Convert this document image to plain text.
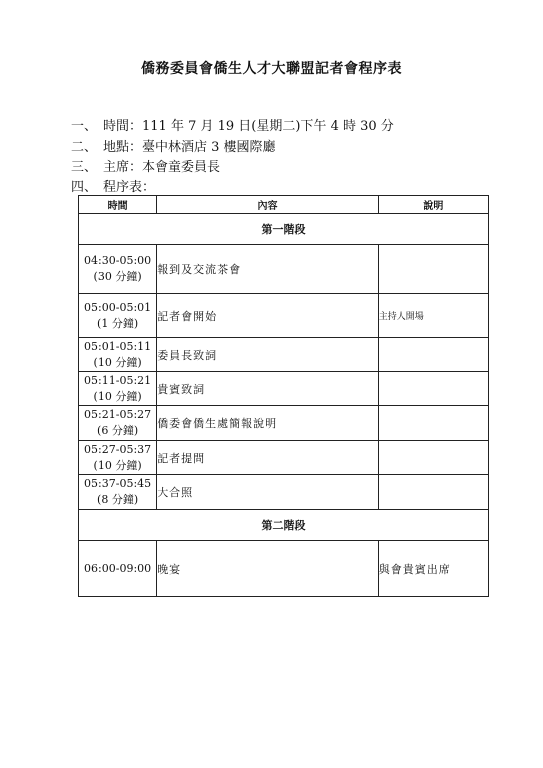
僑務委員會僑生人才大聯盟記者會程序表
一、 時間：111 年 7 月 19 日(星期二)下午 4 時 30 分
二、 地點：臺中林酒店 3 樓國際廳
三、 主席：本會童委員長
四、 程序表：
時間	內容	說明
第一階段		

04:30-05:00
(30 分鐘)	報到及交流茶會	

05:00-05:01
(1 分鐘)	記者會開始	主持人開場

05:01-05:11
(10 分鐘)	委員長致詞	

05:11-05:21
(10 分鐘)	貴賓致詞	

05:21-05:27
(6 分鐘)	僑委會僑生處簡報說明	

05:27-05:37
(10 分鐘)	記者提問	

05:37-05:45
(8 分鐘)	大合照	
第二階段		

06:00-09:00	晚宴	與會貴賓出席
